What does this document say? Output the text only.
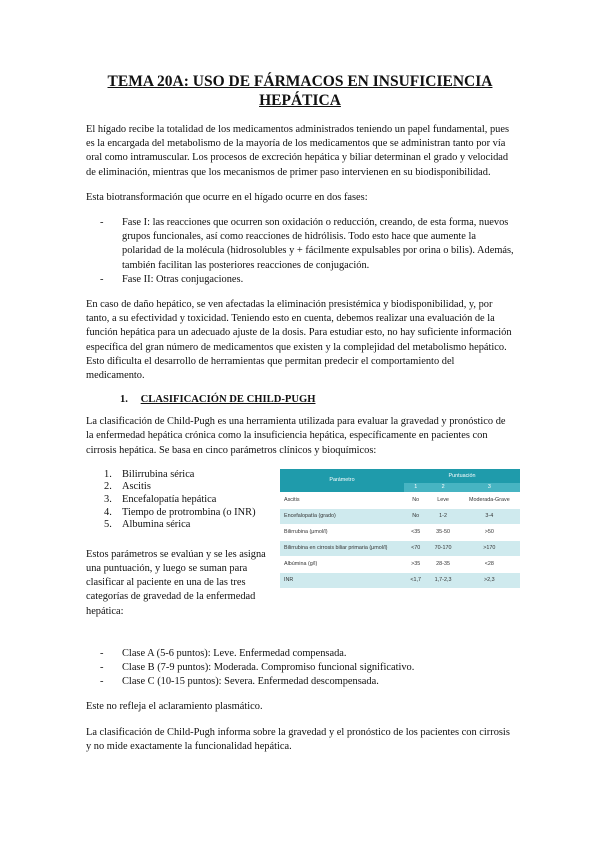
TEMA 20A: USO DE FÁRMACOS EN INSUFICIENCIA
HEPÁTICA

El hígado recibe la totalidad de los medicamentos administrados teniendo un papel fundamental, pues es la encargada del metabolismo de la mayoría de los medicamentos que se administran tanto por vía oral como intramuscular. Los procesos de excreción hepática y biliar determinan el grado y velocidad de eliminación, mientras que los mecanismos de primer paso intervienen en su biodisponibilidad.

Esta biotransformación que ocurre en el hígado ocurre en dos fases:

- Fase I: las reacciones que ocurren son oxidación o reducción, creando, de esta forma, nuevos grupos funcionales, así como reacciones de hidrólisis. Todo esto hace que aumente la polaridad de la molécula (hidrosolubles y + fácilmente expulsables por orina o bilis). Además, también facilitan las posteriores reacciones de conjugación.
- Fase II: Otras conjugaciones.

En caso de daño hepático, se ven afectadas la eliminación presistémica y biodisponibilidad, y, por tanto, a su efectividad y toxicidad. Teniendo esto en cuenta, debemos realizar una evaluación de la función hepática para un adecuado ajuste de la dosis. Para estudiar esto, no hay suficiente información específica del gran número de medicamentos que existen y la complejidad del metabolismo hepático. Esto dificulta el desarrollo de herramientas que permitan predecir el comportamiento del medicamento.

1. CLASIFICACIÓN DE CHILD-PUGH

La clasificación de Child-Pugh es una herramienta utilizada para evaluar la gravedad y pronóstico de la enfermedad hepática crónica como la insuficiencia hepática, específicamente en pacientes con cirrosis hepática. Se basa en cinco parámetros clínicos y bioquímicos:

1. Bilirrubina sérica
2. Ascitis
3. Encefalopatía hepática
4. Tiempo de protrombina (o INR)
5. Albumina sérica
Estos parámetros se evalúan y se les asigna una puntuación, y luego se suman para clasificar al paciente en una de las tres categorías de gravedad de la enfermedad hepática:
Parámetro	Puntuación		
	1	2	3
Ascitis	No	Leve	Moderada-Grave
Encefalopatía (grado)	No	1-2	3-4
Bilirrubina (μmol/l)	<35	35-50	>50
Bilirrubina en cirrosis biliar primaria (μmol/l)	<70	70-170	>170
Albúmina (g/l)	>35	28-35	<28
INR	<1,7	1,7-2,3	>2,3
- Clase A (5-6 puntos): Leve. Enfermedad compensada.
- Clase B (7-9 puntos): Moderada. Compromiso funcional significativo.
- Clase C (10-15 puntos): Severa. Enfermedad descompensada.

Este no refleja el aclaramiento plasmático.

La clasificación de Child-Pugh informa sobre la gravedad y el pronóstico de los pacientes con cirrosis y no mide exactamente la funcionalidad hepática.
